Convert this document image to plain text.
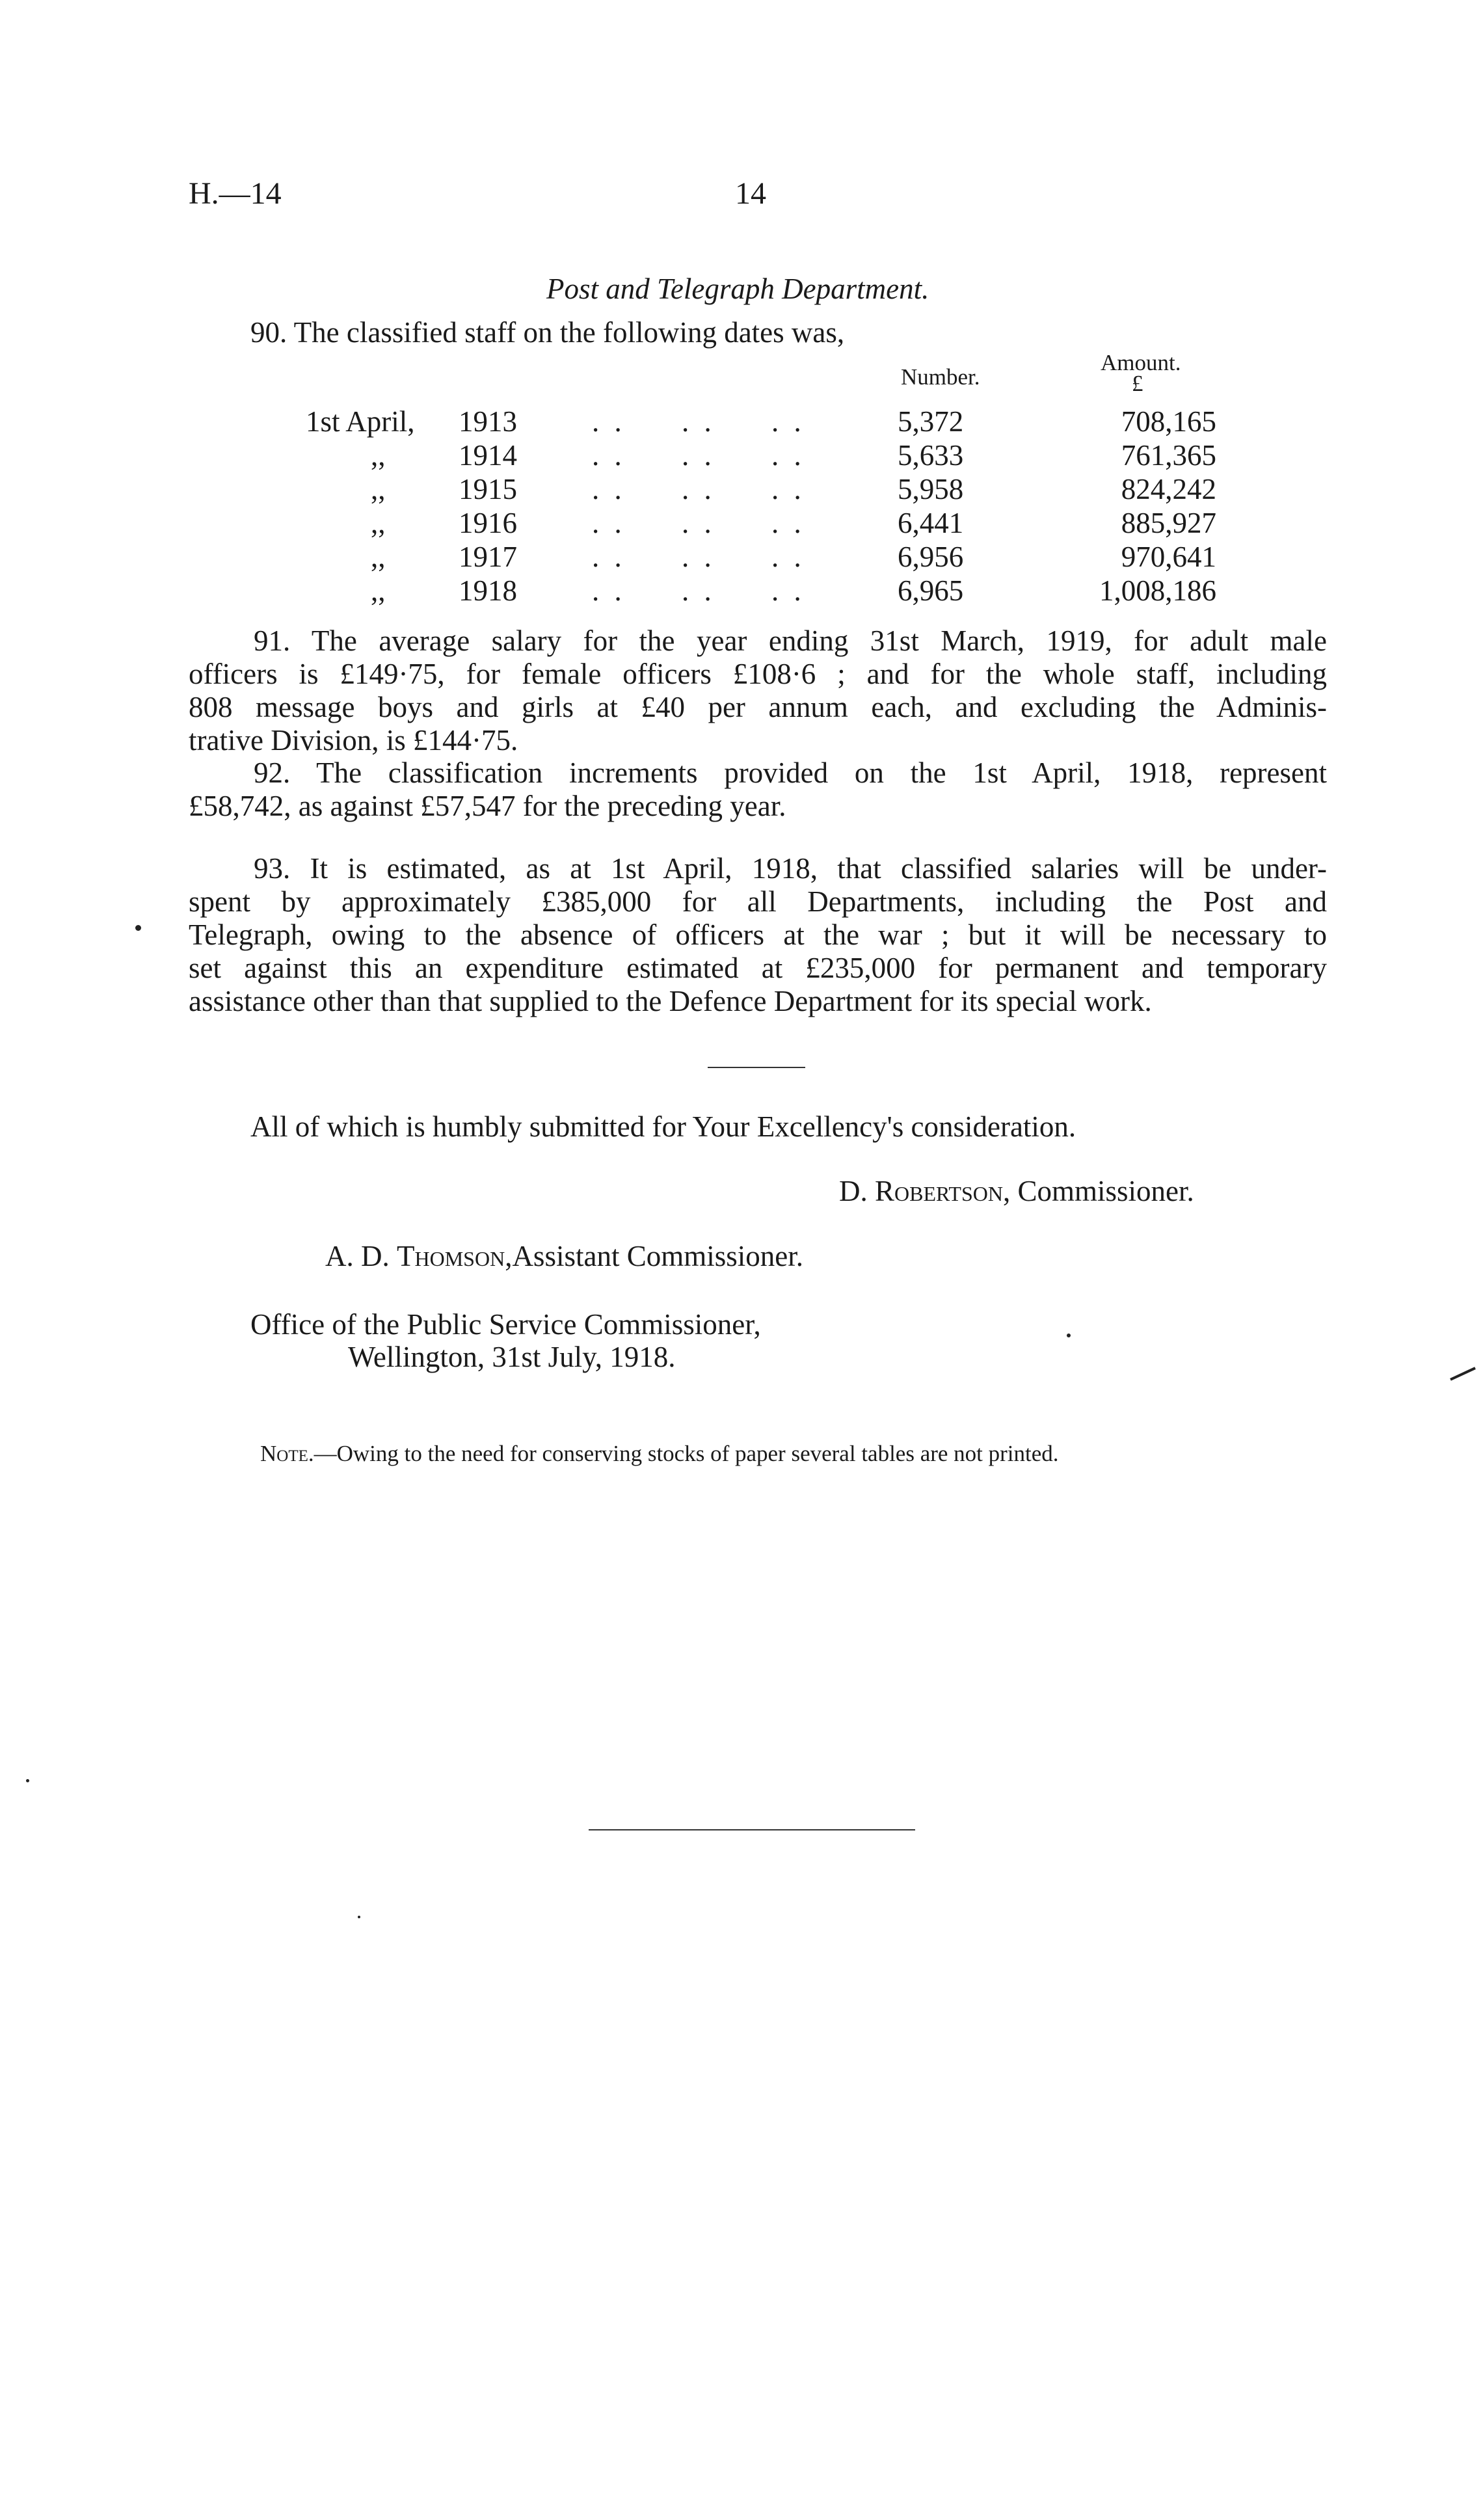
H.—14	14
Post and Telegraph Department.
90. The classified staff on the following dates was,
Number.
Amount.
£
1st April,	1913	. .     . .     . .	5,372	708,165
,,	1914	. .     . .     . .	5,633	761,365
,,	1915	. .     . .     . .	5,958	824,242
,,	1916	. .     . .     . .	6,441	885,927
,,	1917	. .     . .     . .	6,956	970,641
,,	1918	. .     . .     . .	6,965	1,008,186
91. The average salary for the year ending 31st March, 1919, for adult male
officers is £149·75, for female officers £108·6 ; and for the whole staff, including
808 message boys and girls at £40 per annum each, and excluding the Adminis-
trative Division, is £144·75.
92. The classification increments provided on the 1st April, 1918, represent
£58,742, as against £57,547 for the preceding year.
93. It is estimated, as at 1st April, 1918, that classified salaries will be under-
spent by approximately £385,000 for all Departments, including the Post and
Telegraph, owing to the absence of officers at the war ; but it will be necessary to
set against this an expenditure estimated at £235,000 for permanent and temporary
assistance other than that supplied to the Defence Department for its special work.
All of which is humbly submitted for Your Excellency's consideration.
D. Robertson, Commissioner.
A. D. Thomson,Assistant Commissioner.
Office of the Public Service Commissioner,
Wellington, 31st July, 1918.
Note.—Owing to the need for conserving stocks of paper several tables are not printed.
